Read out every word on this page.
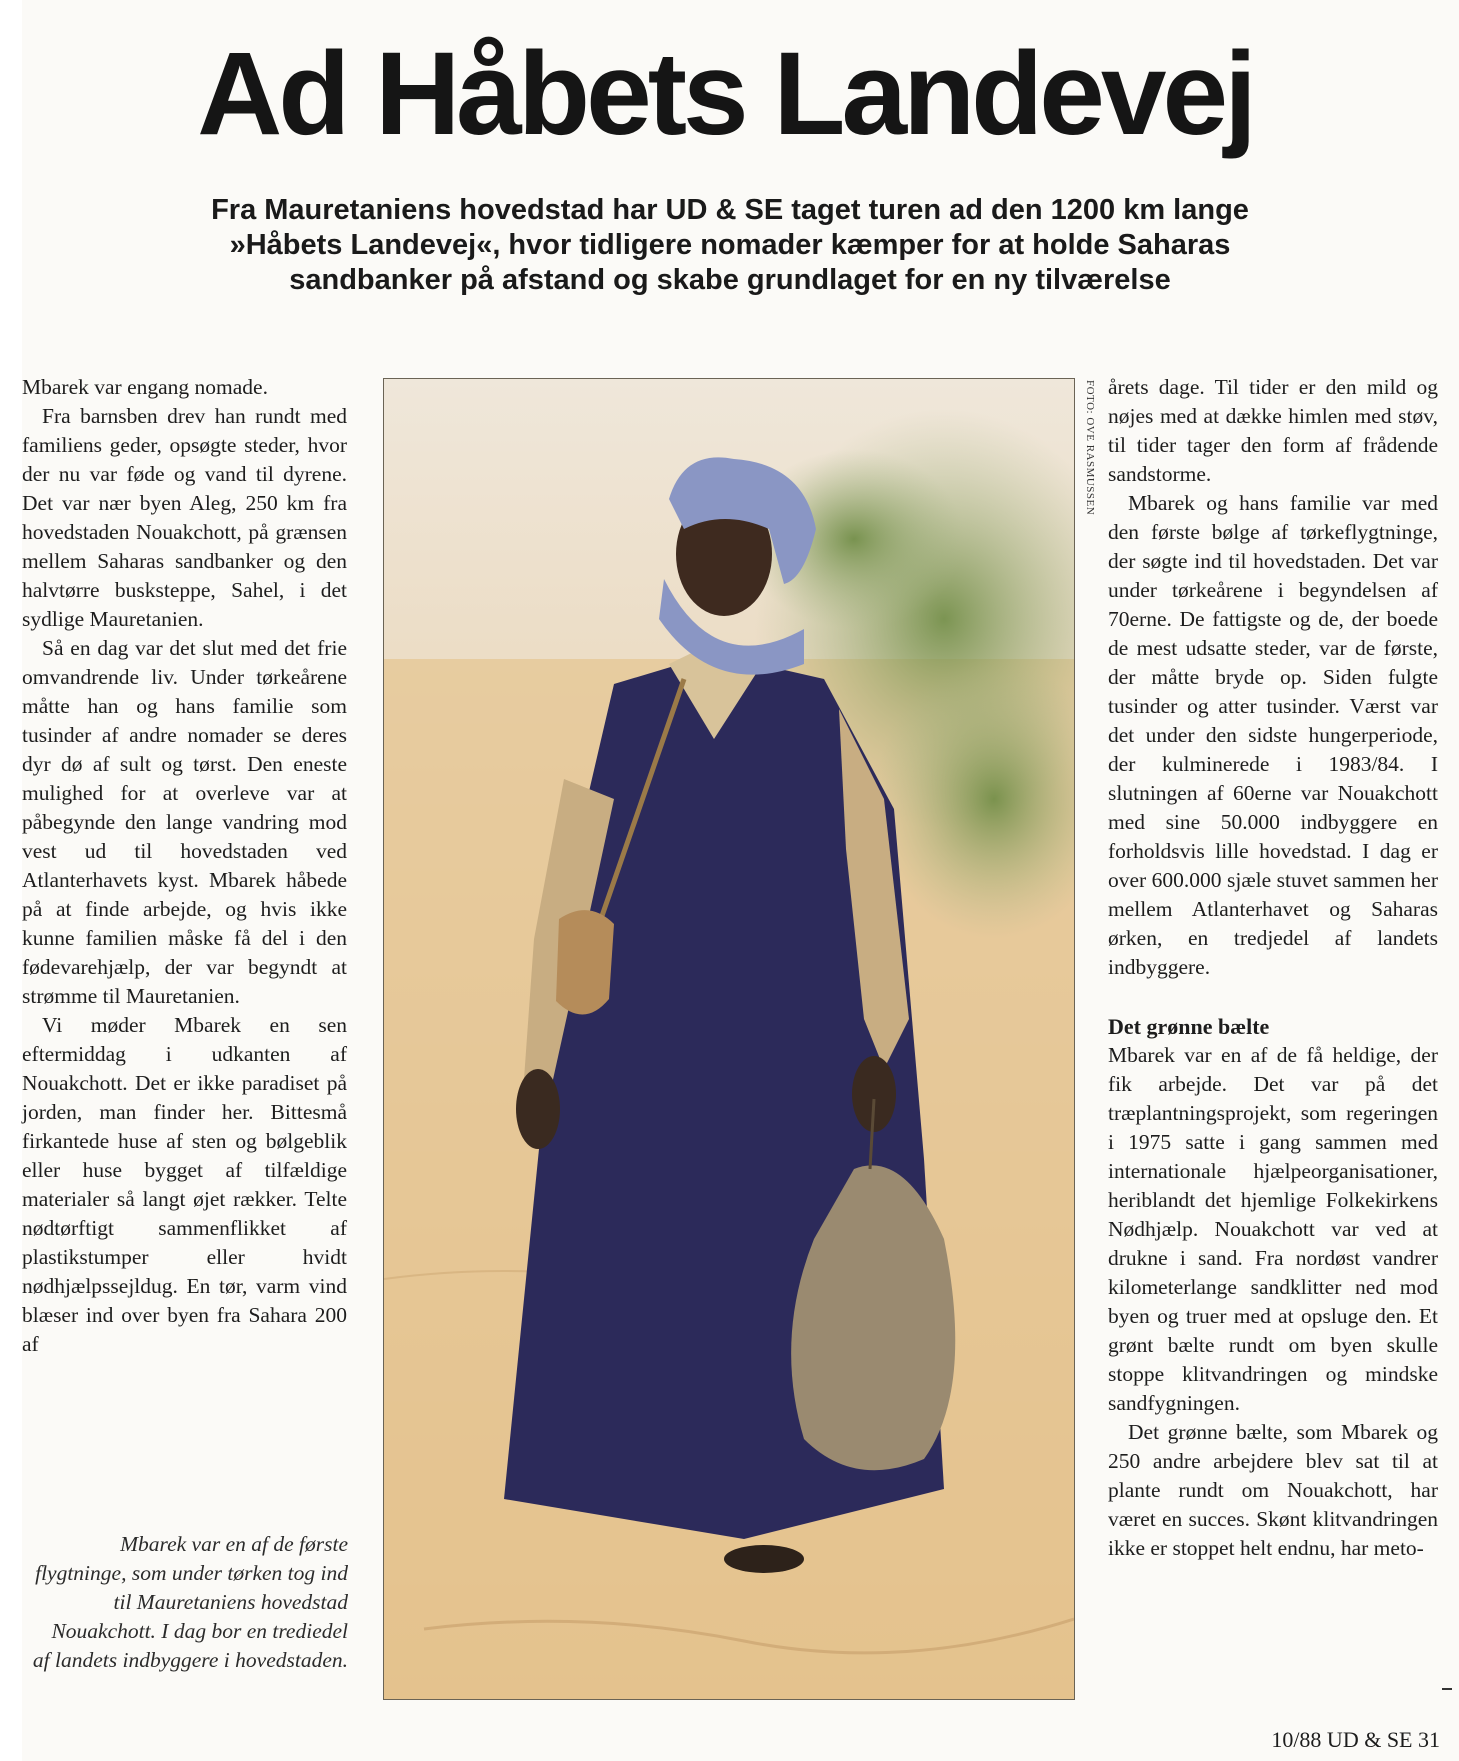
Ad Håbets Landevej

Fra Mauretaniens hovedstad har UD & SE taget turen ad den 1200 km lange »Håbets Landevej«, hvor tidligere nomader kæmper for at holde Saharas sandbanker på afstand og skabe grundlaget for en ny tilværelse

Mbarek var engang nomade.

Fra barnsben drev han rundt med familiens geder, opsøgte steder, hvor der nu var føde og vand til dyrene. Det var nær byen Aleg, 250 km fra hovedstaden Nouakchott, på grænsen mellem Saharas sandbanker og den halvtørre busksteppe, Sahel, i det sydlige Mauretanien.

Så en dag var det slut med det frie omvandrende liv. Under tørkeårene måtte han og hans familie som tusinder af andre nomader se deres dyr dø af sult og tørst. Den eneste mulighed for at overleve var at påbegynde den lange vandring mod vest ud til hovedstaden ved Atlanterhavets kyst. Mbarek håbede på at finde arbejde, og hvis ikke kunne familien måske få del i den fødevarehjælp, der var begyndt at strømme til Mauretanien.

Vi møder Mbarek en sen eftermiddag i udkanten af Nouakchott. Det er ikke paradiset på jorden, man finder her. Bittesmå firkantede huse af sten og bølgeblik eller huse bygget af tilfældige materialer så langt øjet rækker. Telte nødtørftigt sammenflikket af plastikstumper eller hvidt nødhjælpssejldug. En tør, varm vind blæser ind over byen fra Sahara 200 af

Mbarek var en af de første flygtninge, som under tørken tog ind til Mauretaniens hovedstad Nouakchott. I dag bor en trediedel af landets indbyggere i hovedstaden.

FOTO: OVE RASMUSSEN årets dage. Til tider er den mild og nøjes med at dække himlen med støv, til tider tager den form af frådende sandstorme.

Mbarek og hans familie var med den første bølge af tørkeflygtninge, der søgte ind til hovedstaden. Det var under tørkeårene i begyndelsen af 70erne. De fattigste og de, der boede de mest udsatte steder, var de første, der måtte bryde op. Siden fulgte tusinder og atter tusinder. Værst var det under den sidste hungerperiode, der kulminerede i 1983/84. I slutningen af 60erne var Nouakchott med sine 50.000 indbyggere en forholdsvis lille hovedstad. I dag er over 600.000 sjæle stuvet sammen her mellem Atlanterhavet og Saharas ørken, en tredjedel af landets indbyggere.

Det grønne bælte

Mbarek var en af de få heldige, der fik arbejde. Det var på det træplantningsprojekt, som regeringen i 1975 satte i gang sammen med internationale hjælpeorganisationer, heriblandt det hjemlige Folkekirkens Nødhjælp. Nouakchott var ved at drukne i sand. Fra nordøst vandrer kilometerlange sandklitter ned mod byen og truer med at opsluge den. Et grønt bælte rundt om byen skulle stoppe klitvandringen og mindske sandfygningen.

Det grønne bælte, som Mbarek og 250 andre arbejdere blev sat til at plante rundt om Nouakchott, har været en succes. Skønt klitvandringen ikke er stoppet helt endnu, har meto-

10/88 UD & SE 31
